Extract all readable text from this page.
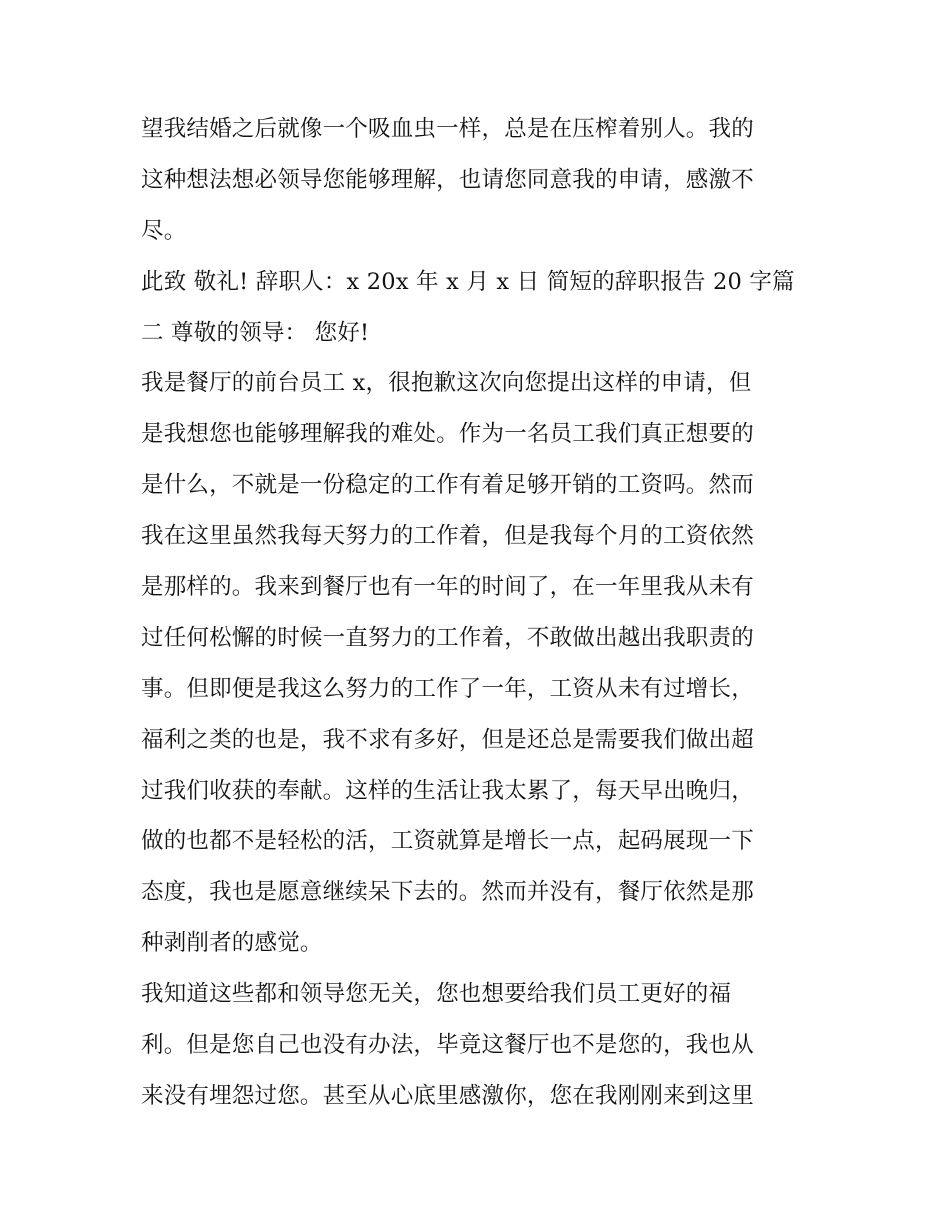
望我结婚之后就像一个吸血虫一样，总是在压榨着别人。我的
这种想法想必领导您能够理解，也请您同意我的申请，感激不
尽。
此致 敬礼! 辞职人：x 20x 年 x 月 x 日 简短的辞职报告 20 字篇
二 尊敬的领导： 您好!
我是餐厅的前台员工 x，很抱歉这次向您提出这样的申请，但
是我想您也能够理解我的难处。作为一名员工我们真正想要的
是什么，不就是一份稳定的工作有着足够开销的工资吗。然而
我在这里虽然我每天努力的工作着，但是我每个月的工资依然
是那样的。我来到餐厅也有一年的时间了，在一年里我从未有
过任何松懈的时候一直努力的工作着，不敢做出越出我职责的
事。但即便是我这么努力的工作了一年，工资从未有过增长，
福利之类的也是，我不求有多好，但是还总是需要我们做出超
过我们收获的奉献。这样的生活让我太累了，每天早出晚归，
做的也都不是轻松的活，工资就算是增长一点，起码展现一下
态度，我也是愿意继续呆下去的。然而并没有，餐厅依然是那
种剥削者的感觉。
我知道这些都和领导您无关，您也想要给我们员工更好的福
利。但是您自己也没有办法，毕竟这餐厅也不是您的，我也从
来没有埋怨过您。甚至从心底里感激你，您在我刚刚来到这里
